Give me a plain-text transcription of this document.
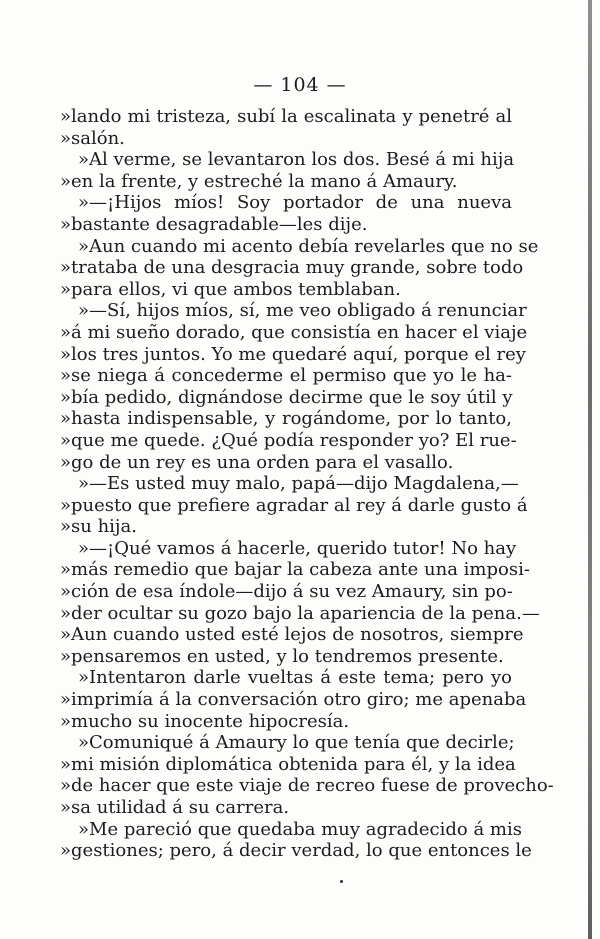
— 104 —
»lando mi tristeza, subí la escalinata y penetré al
»salón.
»Al verme, se levantaron los dos. Besé á mi hija
»en la frente, y estreché la mano á Amaury.
»—¡Hijos míos! Soy portador de una nueva
»bastante desagradable—les dije.
»Aun cuando mi acento debía revelarles que no se
»trataba de una desgracia muy grande, sobre todo
»para ellos, vi que ambos temblaban.
»—Sí, hijos míos, sí, me veo obligado á renunciar
»á mi sueño dorado, que consistía en hacer el viaje
»los tres juntos. Yo me quedaré aquí, porque el rey
»se niega á concederme el permiso que yo le ha-
»bía pedido, dignándose decirme que le soy útil y
»hasta indispensable, y rogándome, por lo tanto,
»que me quede. ¿Qué podía responder yo? El rue-
»go de un rey es una orden para el vasallo.
»—Es usted muy malo, papá—dijo Magdalena,—
»puesto que prefiere agradar al rey á darle gusto á
»su hija.
»—¡Qué vamos á hacerle, querido tutor! No hay
»más remedio que bajar la cabeza ante una imposi-
»ción de esa índole—dijo á su vez Amaury, sin po-
»der ocultar su gozo bajo la apariencia de la pena.—
»Aun cuando usted esté lejos de nosotros, siempre
»pensaremos en usted, y lo tendremos presente.
»Intentaron darle vueltas á este tema; pero yo
»imprimía á la conversación otro giro; me apenaba
»mucho su inocente hipocresía.
»Comuniqué á Amaury lo que tenía que decirle;
»mi misión diplomática obtenida para él, y la idea
»de hacer que este viaje de recreo fuese de provecho-
»sa utilidad á su carrera.
»Me pareció que quedaba muy agradecido á mis
»gestiones; pero, á decir verdad, lo que entonces le
